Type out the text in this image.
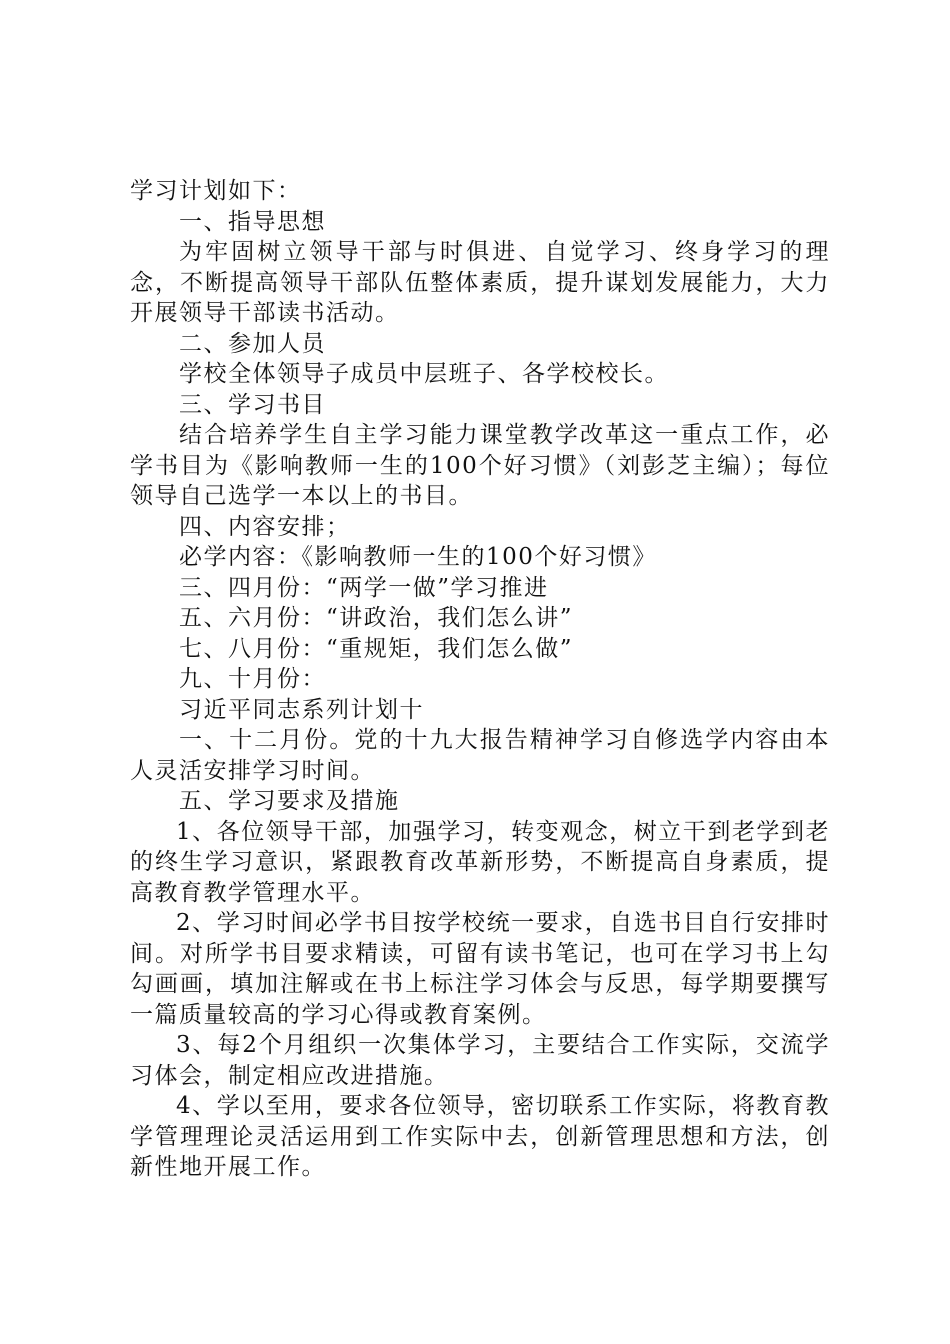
学习计划如下：

一、指导思想

为牢固树立领导干部与时俱进、自觉学习、终身学习的理念，不断提高领导干部队伍整体素质，提升谋划发展能力，大力开展领导干部读书活动。

二、参加人员

学校全体领导子成员中层班子、各学校校长。

三、学习书目

结合培养学生自主学习能力课堂教学改革这一重点工作，必学书目为《影响教师一生的100个好习惯》（刘彭芝主编）；每位领导自己选学一本以上的书目。

四、内容安排；

必学内容：《影响教师一生的100个好习惯》

三、四月份：“两学一做”学习推进

五、六月份：“讲政治，我们怎么讲”

七、八月份：“重规矩，我们怎么做”

九、十月份：

习近平同志系列计划十

一、十二月份。党的十九大报告精神学习自修选学内容由本人灵活安排学习时间。

五、学习要求及措施

1、各位领导干部，加强学习，转变观念，树立干到老学到老的终生学习意识，紧跟教育改革新形势，不断提高自身素质，提高教育教学管理水平。

2、学习时间必学书目按学校统一要求，自选书目自行安排时间。对所学书目要求精读，可留有读书笔记，也可在学习书上勾勾画画，填加注解或在书上标注学习体会与反思，每学期要撰写一篇质量较高的学习心得或教育案例。

3、每2个月组织一次集体学习，主要结合工作实际，交流学习体会，制定相应改进措施。

4、学以至用，要求各位领导，密切联系工作实际，将教育教学管理理论灵活运用到工作实际中去，创新管理思想和方法，创新性地开展工作。
